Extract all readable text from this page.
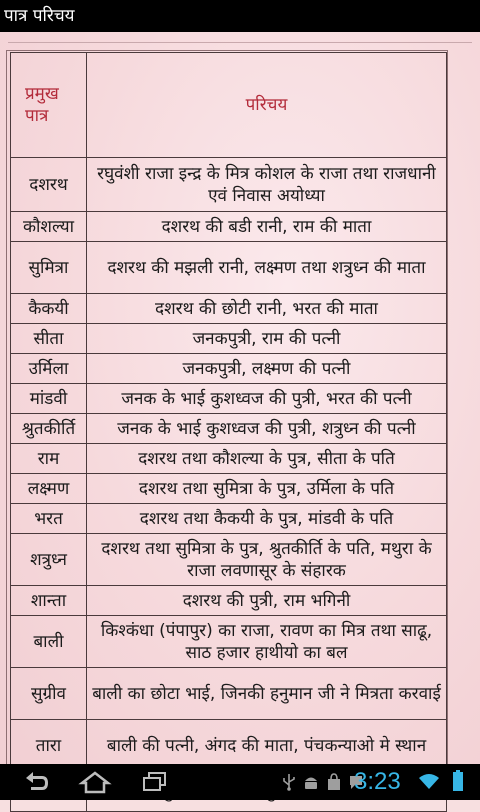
पात्र परिचय
प्रमुख पात्र	परिचय
दशरथ	रघुवंशी राजा इन्द्र के मित्र कोशल के राजा तथा राजधानी एवं निवास अयोध्या
कौशल्या	दशरथ की बडी रानी, राम की माता
सुमित्रा	दशरथ की मझली रानी, लक्ष्मण तथा शत्रुध्न की माता
कैकयी	दशरथ की छोटी रानी, भरत की माता
सीता	जनकपुत्री, राम की पत्नी
उर्मिला	जनकपुत्री, लक्ष्मण की पत्नी
मांडवी	जनक के भाई कुशध्वज की पुत्री, भरत की पत्नी
श्रुतकीर्ति	जनक के भाई कुशध्वज की पुत्री, शत्रुध्न की पत्नी
राम	दशरथ तथा कौशल्या के पुत्र, सीता के पति
लक्ष्मण	दशरथ तथा सुमित्रा के पुत्र, उर्मिला के पति
भरत	दशरथ तथा कैकयी के पुत्र, मांडवी के पति
शत्रुध्न	दशरथ तथा सुमित्रा के पुत्र, श्रुतकीर्ति के पति, मथुरा के राजा लवणासूर के संहारक
शान्ता	दशरथ की पुत्री, राम भगिनी
बाली	किश्कंधा (पंपापुर) का राजा, रावण का मित्र तथा साढू, साठ हजार हाथीयो का बल
सुग्रीव	बाली का छोटा भाई, जिनकी हनुमान जी ने मित्रता करवाई
तारा	बाली की पत्नी, अंगद की माता, पंचकन्याओ मे स्थान

3:23
